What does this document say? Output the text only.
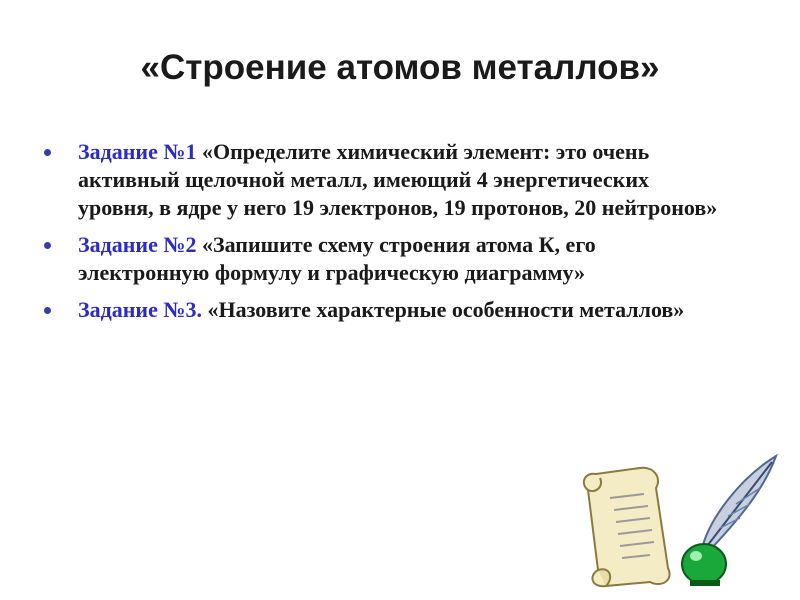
«Строение атомов металлов»
Задание №1 «Определите химический элемент: это очень активный щелочной металл, имеющий 4 энергетических уровня, в ядре у него 19 электронов, 19 протонов, 20 нейтронов»
Задание №2 «Запишите схему строения атома К, его электронную формулу и графическую диаграмму»
Задание №3. «Назовите характерные особенности металлов»
